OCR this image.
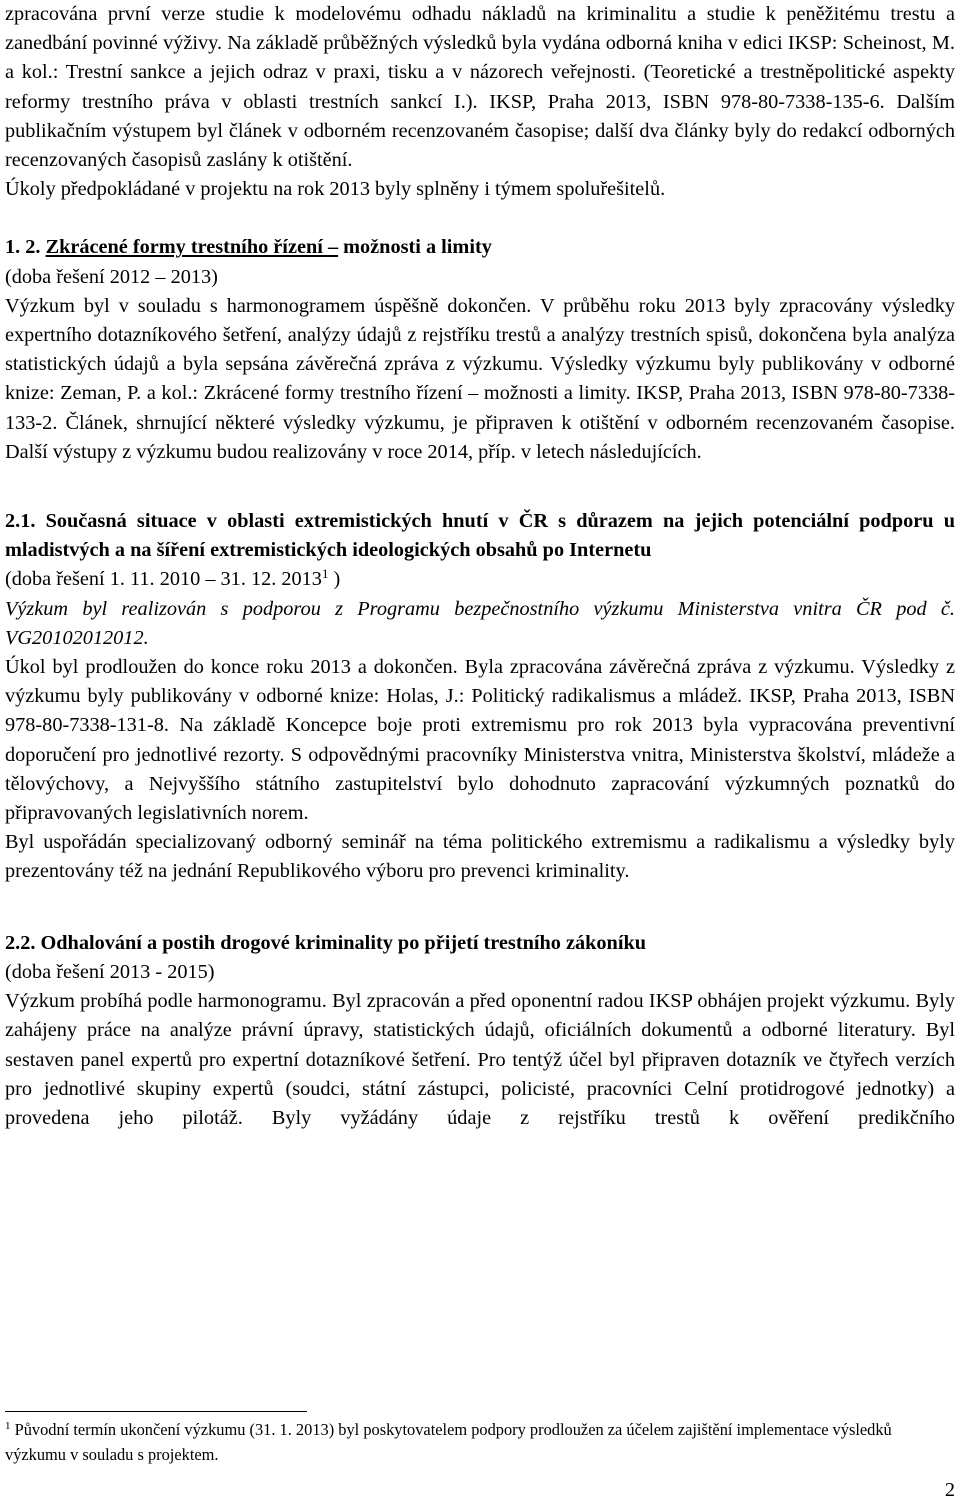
zpracována první verze studie k modelovému odhadu nákladů na kriminalitu a studie k peněžitému trestu a zanedbání povinné výživy. Na základě průběžných výsledků byla vydána odborná kniha v edici IKSP: Scheinost, M. a kol.: Trestní sankce a jejich odraz v praxi, tisku a v názorech veřejnosti. (Teoretické a trestněpolitické aspekty reformy trestního práva v oblasti trestních sankcí I.). IKSP, Praha 2013, ISBN 978-80-7338-135-6. Dalším publikačním výstupem byl článek v odborném recenzovaném časopise; další dva články byly do redakcí odborných recenzovaných časopisů zaslány k otištění.

Úkoly předpokládané v projektu na rok 2013 byly splněny i týmem spoluřešitelů.

1. 2. Zkrácené formy trestního řízení – možnosti a limity

(doba řešení 2012 – 2013)

Výzkum byl v souladu s harmonogramem úspěšně dokončen. V průběhu roku 2013 byly zpracovány výsledky expertního dotazníkového šetření, analýzy údajů z rejstříku trestů a analýzy trestních spisů, dokončena byla analýza statistických údajů a byla sepsána závěrečná zpráva z výzkumu. Výsledky výzkumu byly publikovány v odborné knize: Zeman, P. a kol.: Zkrácené formy trestního řízení – možnosti a limity. IKSP, Praha 2013, ISBN 978-80-7338-133-2. Článek, shrnující některé výsledky výzkumu, je připraven k otištění v odborném recenzovaném časopise. Další výstupy z výzkumu budou realizovány v roce 2014, příp. v letech následujících.

2.1. Současná situace v oblasti extremistických hnutí v ČR s důrazem na jejich potenciální podporu u mladistvých a na šíření extremistických ideologických obsahů po Internetu

(doba řešení 1. 11. 2010 – 31. 12. 2013$^1$ )

Výzkum byl realizován s podporou z Programu bezpečnostního výzkumu Ministerstva vnitra ČR pod č. VG20102012012.

Úkol byl prodloužen do konce roku 2013 a dokončen. Byla zpracována závěrečná zpráva z výzkumu. Výsledky z výzkumu byly publikovány v odborné knize: Holas, J.: Politický radikalismus a mládež. IKSP, Praha 2013, ISBN 978-80-7338-131-8. Na základě Koncepce boje proti extremismu pro rok 2013 byla vypracována preventivní doporučení pro jednotlivé rezorty. S odpovědnými pracovníky Ministerstva vnitra, Ministerstva školství, mládeže a tělovýchovy, a Nejvyššího státního zastupitelství bylo dohodnuto zapracování výzkumných poznatků do připravovaných legislativních norem.

Byl uspořádán specializovaný odborný seminář na téma politického extremismu a radikalismu a výsledky byly prezentovány též na jednání Republikového výboru pro prevenci kriminality.

2.2. Odhalování a postih drogové kriminality po přijetí trestního zákoníku

(doba řešení 2013 - 2015)

Výzkum probíhá podle harmonogramu. Byl zpracován a před oponentní radou IKSP obhájen projekt výzkumu. Byly zahájeny práce na analýze právní úpravy, statistických údajů, oficiálních dokumentů a odborné literatury. Byl sestaven panel expertů pro expertní dotazníkové šetření. Pro tentýž účel byl připraven dotazník ve čtyřech verzích pro jednotlivé skupiny expertů (soudci, státní zástupci, policisté, pracovníci Celní protidrogové jednotky) a provedena jeho pilotáž. Byly vyžádány údaje z rejstříku trestů k ověření predikčního

$^1$ Původní termín ukončení výzkumu (31. 1. 2013) byl poskytovatelem podpory prodloužen za účelem zajištění implementace výsledků výzkumu v souladu s projektem.
2
